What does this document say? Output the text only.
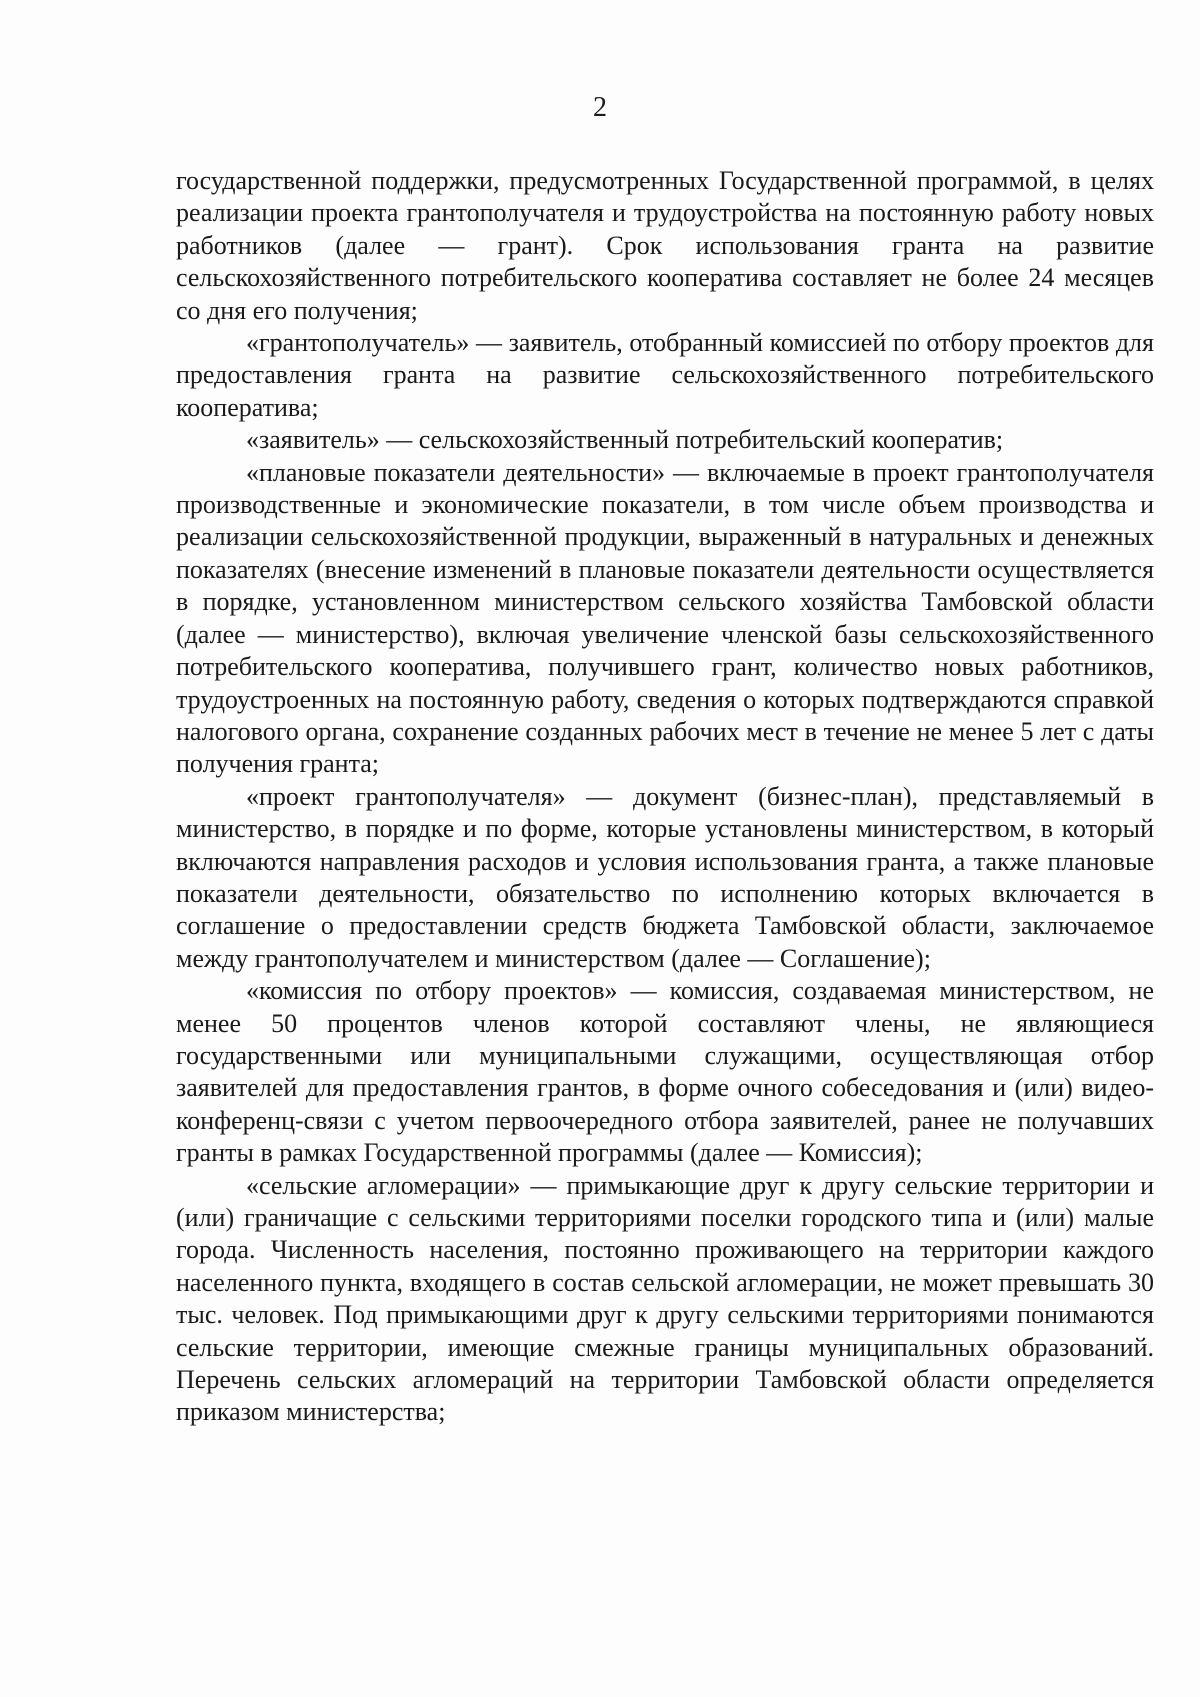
2

государственной поддержки, предусмотренных Государственной программой, в целях реализации проекта грантополучателя и трудоустройства на постоянную работу новых работников (далее — грант). Срок использования гранта на развитие сельскохозяйственного потребительского кооператива составляет не более 24 месяцев со дня его получения;

«грантополучатель» — заявитель, отобранный комиссией по отбору проектов для предоставления гранта на развитие сельскохозяйственного потребительского кооператива;

«заявитель» — сельскохозяйственный потребительский кооператив;

«плановые показатели деятельности» — включаемые в проект грантополучателя производственные и экономические показатели, в том числе объем производства и реализации сельскохозяйственной продукции, выраженный в натуральных и денежных показателях (внесение изменений в плановые показатели деятельности осуществляется в порядке, установленном министерством сельского хозяйства Тамбовской области (далее — министерство), включая увеличение членской базы сельскохозяйственного потребительского кооператива, получившего грант, количество новых работников, трудоустроенных на постоянную работу, сведения о которых подтверждаются справкой налогового органа, сохранение созданных рабочих мест в течение не менее 5 лет с даты получения гранта;

«проект грантополучателя» — документ (бизнес-план), представляемый в министерство, в порядке и по форме, которые установлены министерством, в который включаются направления расходов и условия использования гранта, а также плановые показатели деятельности, обязательство по исполнению которых включается в соглашение о предоставлении средств бюджета Тамбовской области, заключаемое между грантополучателем и министерством (далее — Соглашение);

«комиссия по отбору проектов» — комиссия, создаваемая министерством, не менее 50 процентов членов которой составляют члены, не являющиеся государственными или муниципальными служащими, осуществляющая отбор заявителей для предоставления грантов, в форме очного собеседования и (или) видео-конференц-связи с учетом первоочередного отбора заявителей, ранее не получавших гранты в рамках Государственной программы (далее — Комиссия);

«сельские агломерации» — примыкающие друг к другу сельские территории и (или) граничащие с сельскими территориями поселки городского типа и (или) малые города. Численность населения, постоянно проживающего на территории каждого населенного пункта, входящего в состав сельской агломерации, не может превышать 30 тыс. человек. Под примыкающими друг к другу сельскими территориями понимаются сельские территории, имеющие смежные границы муниципальных образований. Перечень сельских агломераций на территории Тамбовской области определяется приказом министерства;
